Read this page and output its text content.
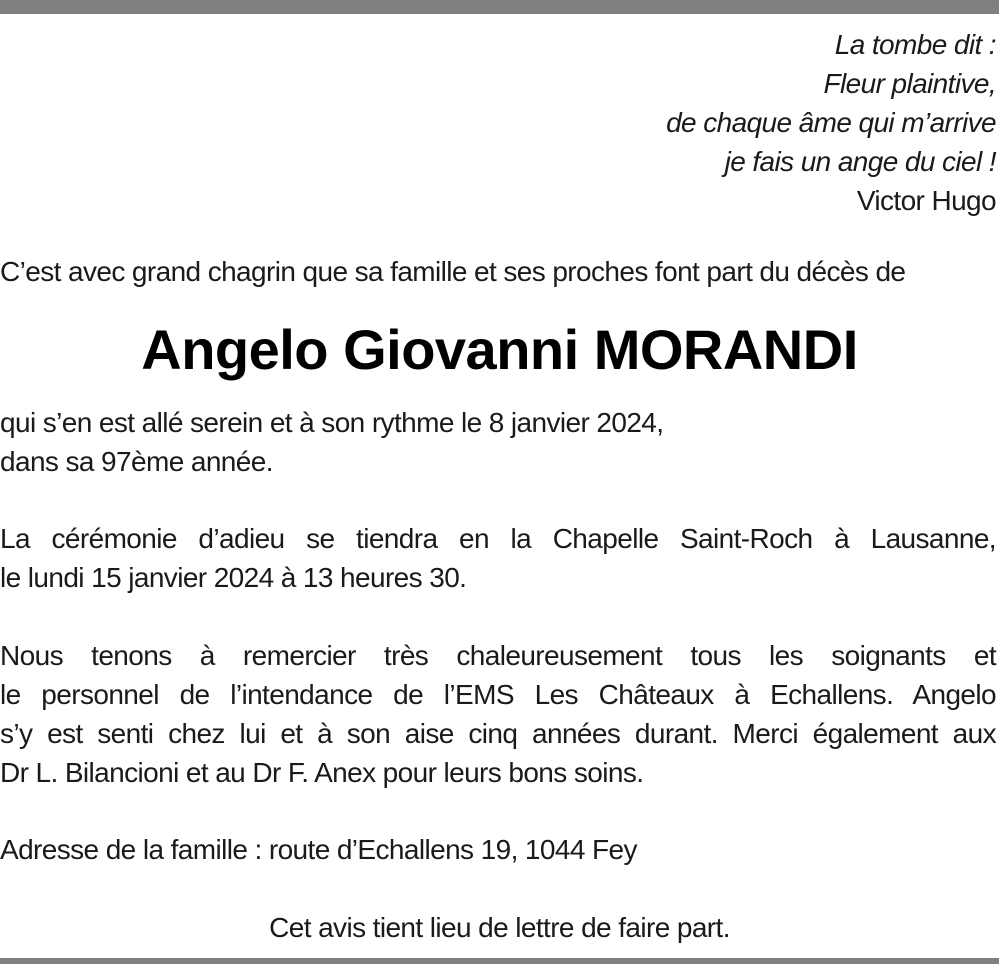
La tombe dit :

Fleur plaintive,

de chaque âme qui m’arrive

je fais un ange du ciel !

Victor Hugo

C’est avec grand chagrin que sa famille et ses proches font part du décès de

Angelo Giovanni MORANDI

qui s’en est allé serein et à son rythme le 8 janvier 2024,

dans sa 97ème année.

La cérémonie d’adieu se tiendra en la Chapelle Saint-Roch à Lausanne,

le lundi 15 janvier 2024 à 13 heures 30.

Nous tenons à remercier très chaleureusement tous les soignants et

le personnel de l’intendance de l’EMS Les Châteaux à Echallens. Angelo

s’y est senti chez lui et à son aise cinq années durant. Merci également aux

Dr L. Bilancioni et au Dr F. Anex pour leurs bons soins.

Adresse de la famille : route d’Echallens 19, 1044 Fey

Cet avis tient lieu de lettre de faire part.
